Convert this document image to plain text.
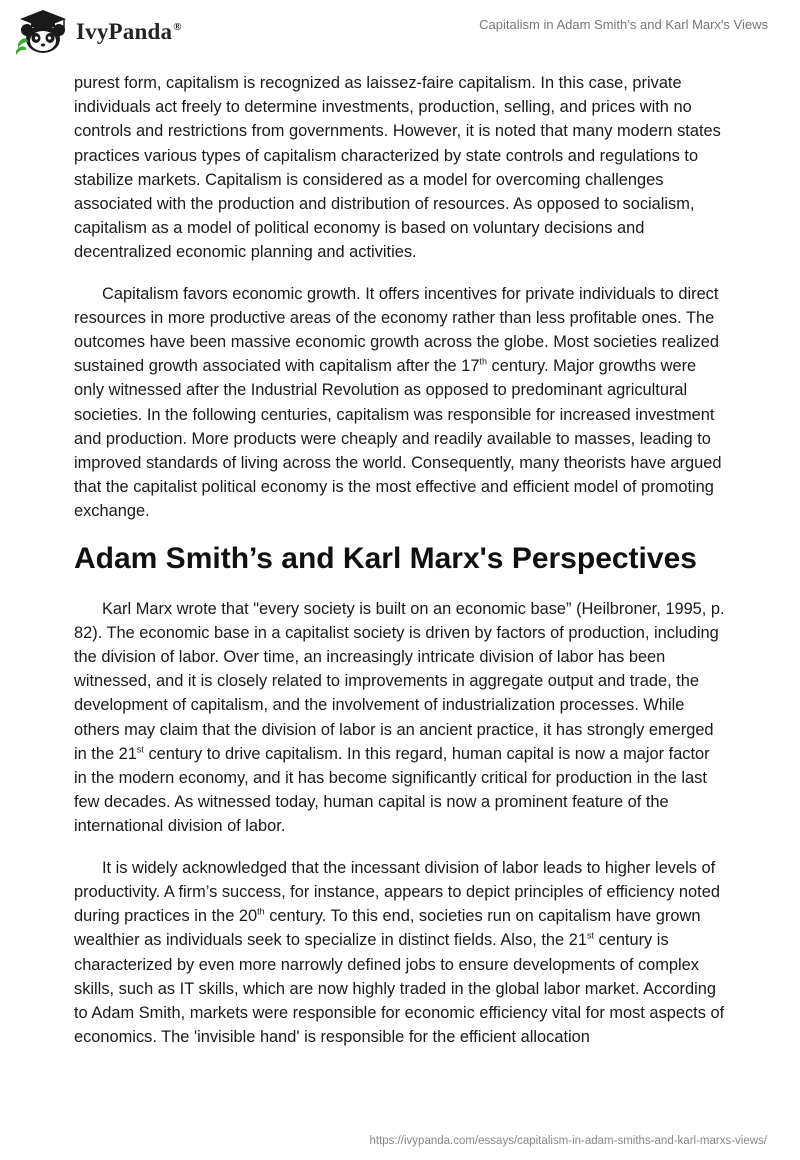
IvyPanda®	Capitalism in Adam Smith’s and Karl Marx's Views

purest form, capitalism is recognized as laissez-faire capitalism. In this case, private individuals act freely to determine investments, production, selling, and prices with no controls and restrictions from governments. However, it is noted that many modern states practices various types of capitalism characterized by state controls and regulations to stabilize markets. Capitalism is considered as a model for overcoming challenges associated with the production and distribution of resources. As opposed to socialism, capitalism as a model of political economy is based on voluntary decisions and decentralized economic planning and activities.

Capitalism favors economic growth. It offers incentives for private individuals to direct resources in more productive areas of the economy rather than less profitable ones. The outcomes have been massive economic growth across the globe. Most societies realized sustained growth associated with capitalism after the 17th century. Major growths were only witnessed after the Industrial Revolution as opposed to predominant agricultural societies. In the following centuries, capitalism was responsible for increased investment and production. More products were cheaply and readily available to masses, leading to improved standards of living across the world. Consequently, many theorists have argued that the capitalist political economy is the most effective and efficient model of promoting exchange.

Adam Smith’s and Karl Marx's Perspectives

Karl Marx wrote that "every society is built on an economic base” (Heilbroner, 1995, p. 82). The economic base in a capitalist society is driven by factors of production, including the division of labor. Over time, an increasingly intricate division of labor has been witnessed, and it is closely related to improvements in aggregate output and trade, the development of capitalism, and the involvement of industrialization processes. While others may claim that the division of labor is an ancient practice, it has strongly emerged in the 21st century to drive capitalism. In this regard, human capital is now a major factor in the modern economy, and it has become significantly critical for production in the last few decades. As witnessed today, human capital is now a prominent feature of the international division of labor.

It is widely acknowledged that the incessant division of labor leads to higher levels of productivity. A firm’s success, for instance, appears to depict principles of efficiency noted during practices in the 20th century. To this end, societies run on capitalism have grown wealthier as individuals seek to specialize in distinct fields. Also, the 21st century is characterized by even more narrowly defined jobs to ensure developments of complex skills, such as IT skills, which are now highly traded in the global labor market. According to Adam Smith, markets were responsible for economic efficiency vital for most aspects of economics. The 'invisible hand' is responsible for the efficient allocation

https://ivypanda.com/essays/capitalism-in-adam-smiths-and-karl-marxs-views/
